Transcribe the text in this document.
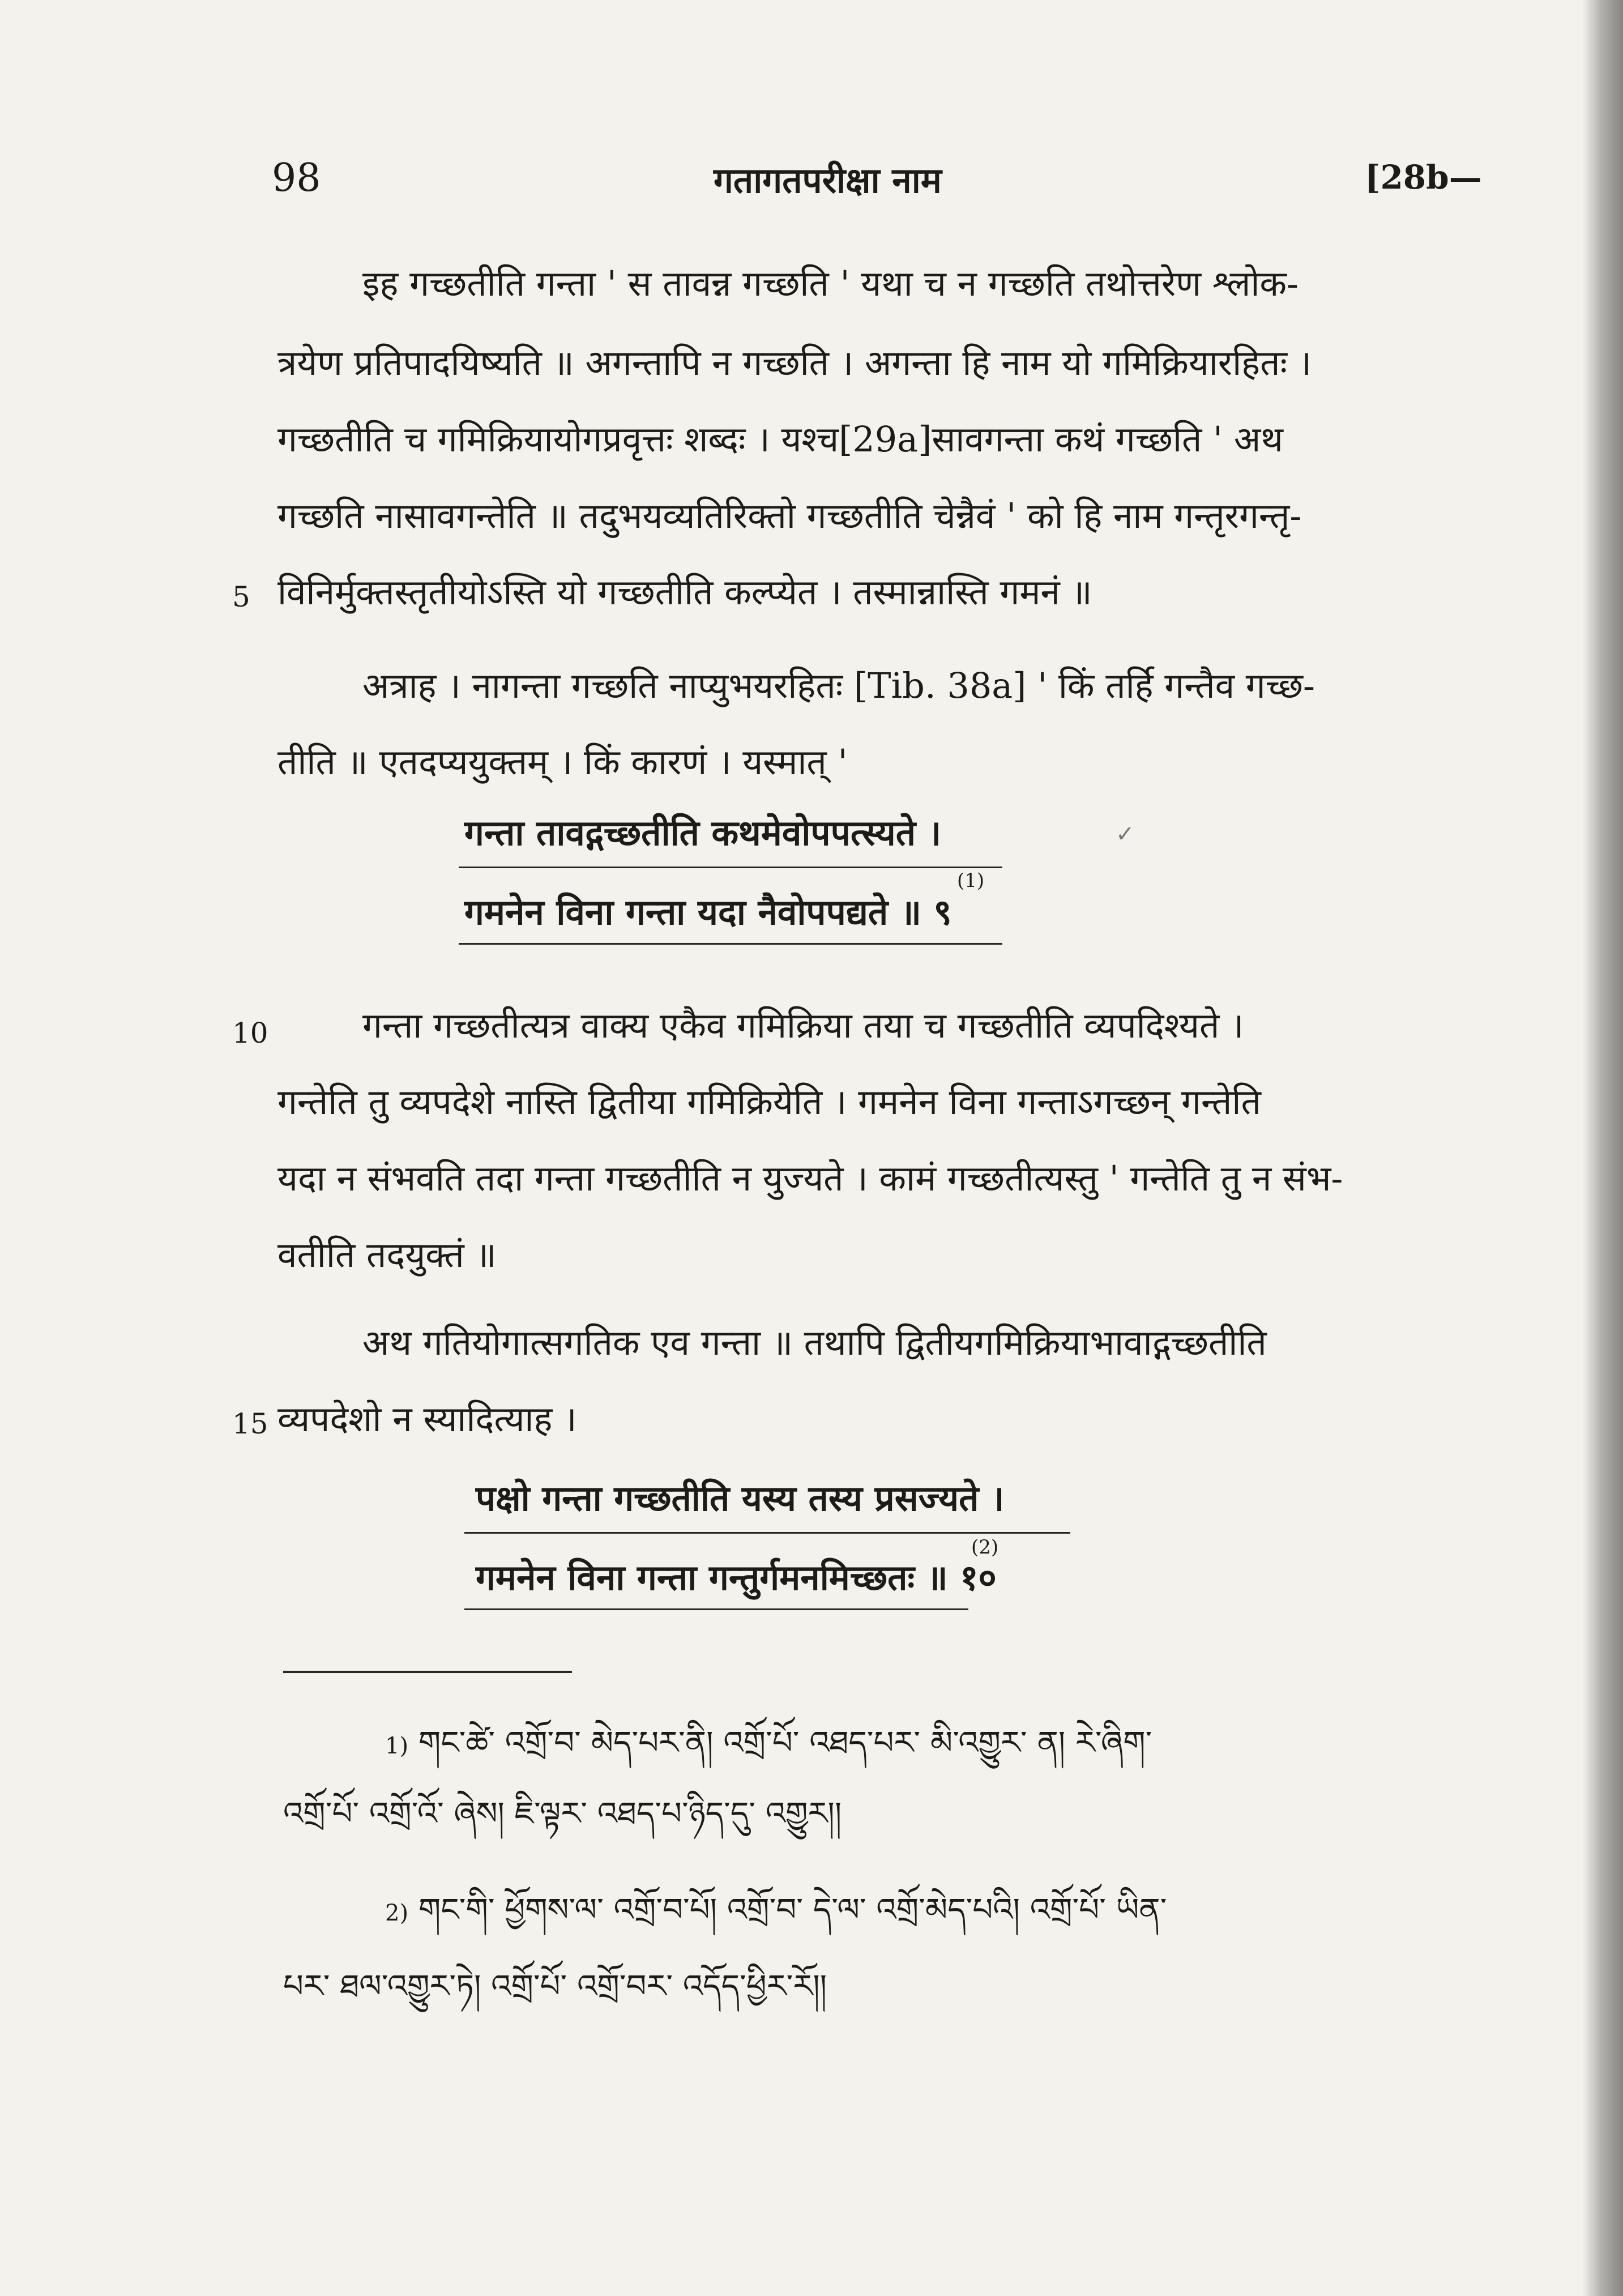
98	गतागतपरीक्षा नाम	[28b—
इह गच्छतीति गन्ता ' स तावन्न गच्छति ' यथा च न गच्छति तथोत्तरेण श्लोक-
त्रयेण प्रतिपादयिष्यति ॥ अगन्तापि न गच्छति । अगन्ता हि नाम यो गमिक्रियारहितः ।
गच्छतीति च गमिक्रियायोगप्रवृत्तः शब्दः । यश्च[29a]सावगन्ता कथं गच्छति ' अथ
गच्छति नासावगन्तेति ॥ तदुभयव्यतिरिक्तो गच्छतीति चेन्नैवं ' को हि नाम गन्तृरगन्तृ-
5 विनिर्मुक्तस्तृतीयोऽस्ति यो गच्छतीति कल्प्येत । तस्मान्नास्ति गमनं ॥
अत्राह । नागन्ता गच्छति नाप्युभयरहितः [Tib. 38a] ' किं तर्हि गन्तैव गच्छ-
तीति ॥ एतदप्ययुक्तम् । किं कारणं । यस्मात् '
गन्ता तावद्गच्छतीति कथमेवोपपत्स्यते ।
(1)
गमनेन विना गन्ता यदा नैवोपपद्यते ॥ ९
✓
10	गन्ता गच्छतीत्यत्र वाक्य एकैव गमिक्रिया तया च गच्छतीति व्यपदिश्यते ।
गन्तेति तु व्यपदेशे नास्ति द्वितीया गमिक्रियेति । गमनेन विना गन्ताऽगच्छन् गन्तेति
यदा न संभवति तदा गन्ता गच्छतीति न युज्यते । कामं गच्छतीत्यस्तु ' गन्तेति तु न संभ-
वतीति तदयुक्तं ॥
अथ गतियोगात्सगतिक एव गन्ता ॥ तथापि द्वितीयगमिक्रियाभावाद्गच्छतीति
15 व्यपदेशो न स्यादित्याह ।
पक्षो गन्ता गच्छतीति यस्य तस्य प्रसज्यते ।
(2)
गमनेन विना गन्ता गन्तुर्गमनमिच्छतः ॥ १०
1) གང་ཚེ་ འགྲོ་བ་ མེད་པར་ནི། འགྲོ་པོ་ འཐད་པར་ མི་འགྱུར་ ན། རེ་ཞིག་
འགྲོ་པོ་ འགྲོ་འོ་ ཞེས། ཇི་ལྟར་ འཐད་པ་ཉིད་དུ་ འགྱུར།།
2) གང་གི་ ཕྱོགས་ལ་ འགྲོ་བ་པོ། འགྲོ་བ་ དེ་ལ་ འགྲོ་མེད་པའི། འགྲོ་པོ་ ཡིན་
པར་ ཐལ་འགྱུར་ཏེ། འགྲོ་པོ་ འགྲོ་བར་ འདོད་ཕྱིར་རོ།།
